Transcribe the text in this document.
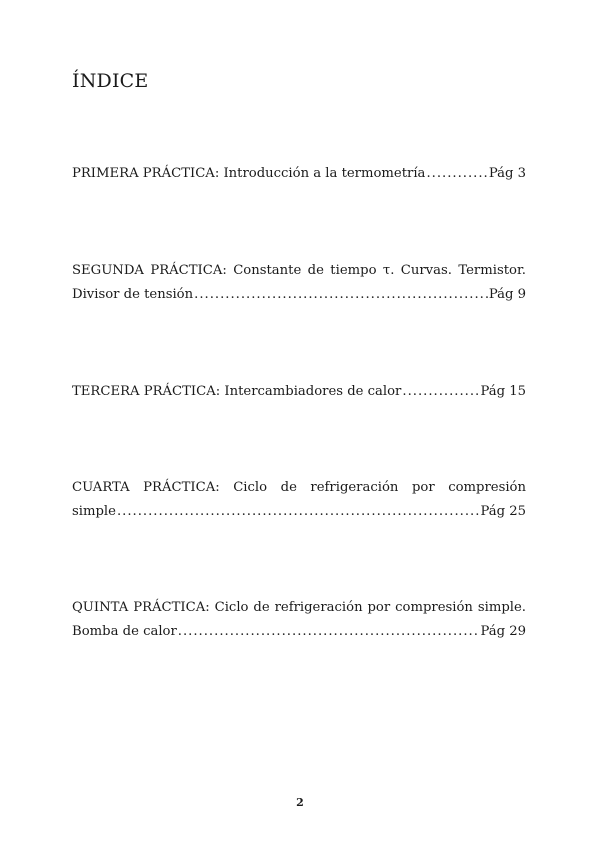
ÍNDICE
PRIMERA PRÁCTICA: Introducción a la termometría .....	Pág 3
SEGUNDA PRÁCTICA: Constante de tiempo τ. Curvas. Termistor.
Divisor de tensión .....	Pág 9
TERCERA PRÁCTICA: Intercambiadores de calor .....	Pág 15
CUARTA PRÁCTICA: Ciclo de refrigeración por compresión
simple .....	Pág 25
QUINTA PRÁCTICA: Ciclo de refrigeración por compresión simple.
Bomba de calor .....	Pág 29
2
